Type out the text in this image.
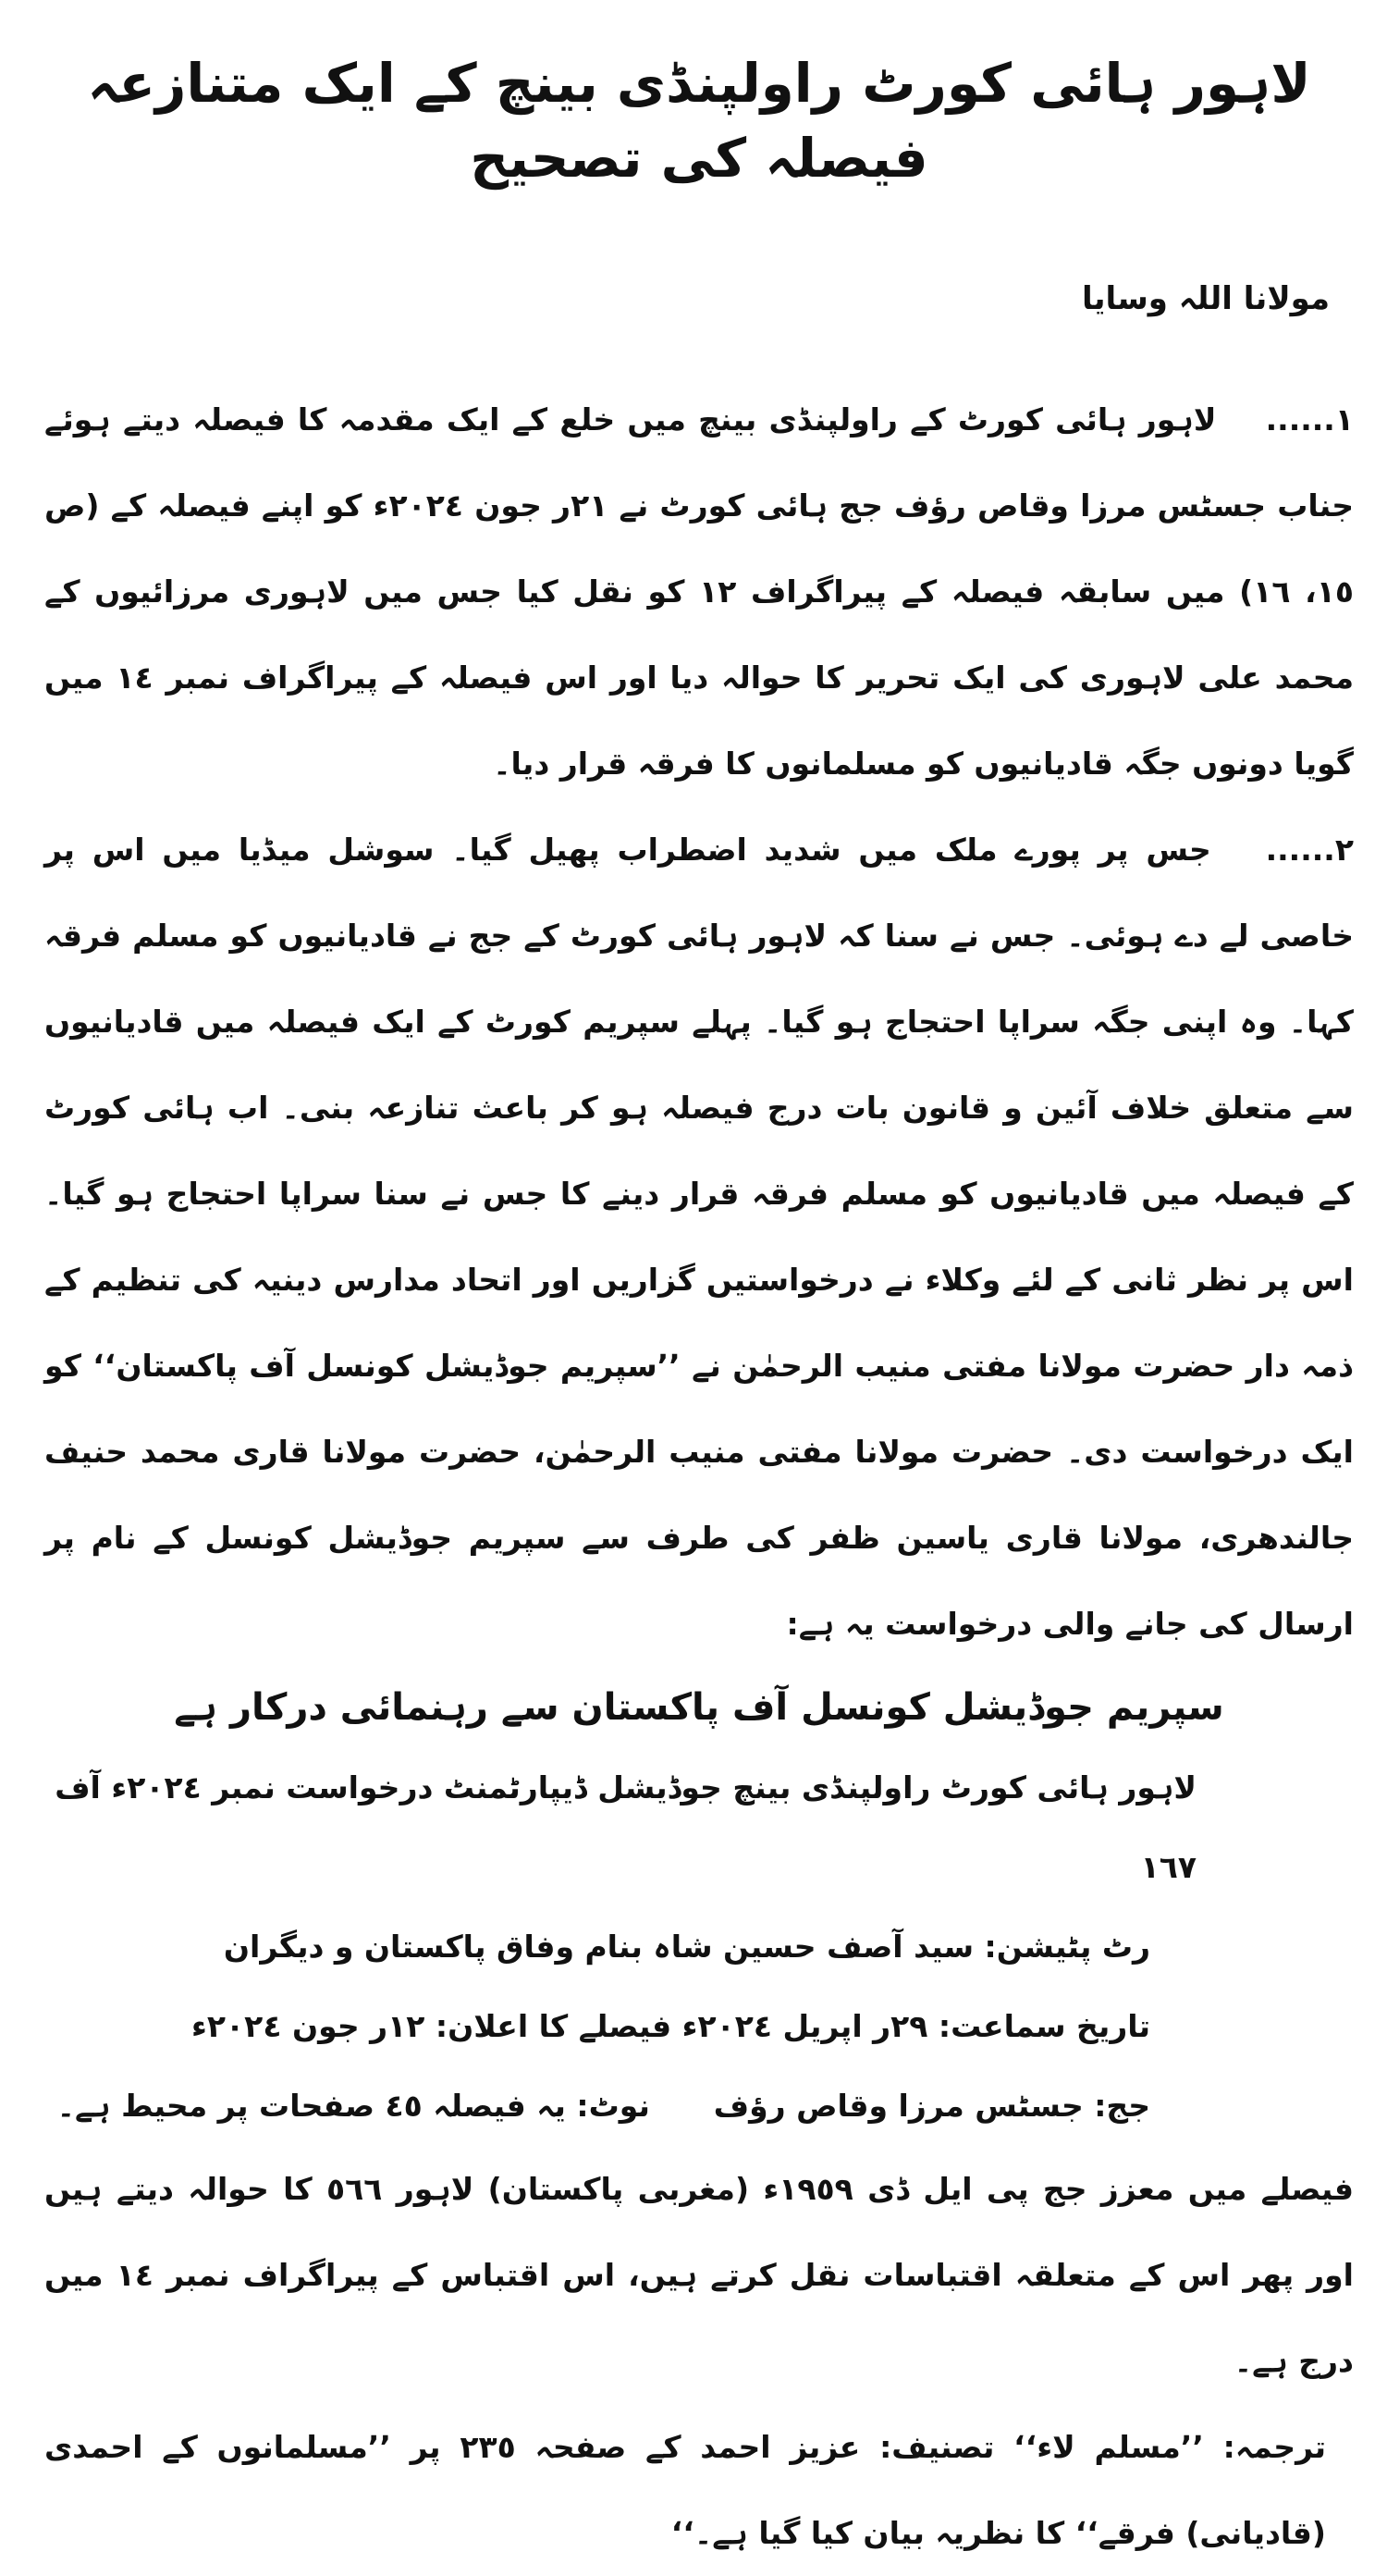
لاہور ہائی کورٹ راولپنڈی بینچ کے ایک متنازعہ فیصلہ کی تصحیح
مولانا اللہ وسایا

١...... لاہور ہائی کورٹ کے راولپنڈی بینچ میں خلع کے ایک مقدمہ کا فیصلہ دیتے ہوئے جناب جسٹس مرزا وقاص رؤف جج ہائی کورٹ نے ٢١ر جون ٢٠٢٤ء کو اپنے فیصلہ کے (ص ١٥، ١٦) میں سابقہ فیصلہ کے پیراگراف ١٢ کو نقل کیا جس میں لاہوری مرزائیوں کے محمد علی لاہوری کی ایک تحریر کا حوالہ دیا اور اس فیصلہ کے پیراگراف نمبر ١٤ میں گویا دونوں جگہ قادیانیوں کو مسلمانوں کا فرقہ قرار دیا۔

٢...... جس پر پورے ملک میں شدید اضطراب پھیل گیا۔ سوشل میڈیا میں اس پر خاصی لے دے ہوئی۔ جس نے سنا کہ لاہور ہائی کورٹ کے جج نے قادیانیوں کو مسلم فرقہ کہا۔ وہ اپنی جگہ سراپا احتجاج ہو گیا۔ پہلے سپریم کورٹ کے ایک فیصلہ میں قادیانیوں سے متعلق خلاف آئین و قانون بات درج فیصلہ ہو کر باعث تنازعہ بنی۔ اب ہائی کورٹ کے فیصلہ میں قادیانیوں کو مسلم فرقہ قرار دینے کا جس نے سنا سراپا احتجاج ہو گیا۔ اس پر نظر ثانی کے لئے وکلاء نے درخواستیں گزاریں اور اتحاد مدارس دینیہ کی تنظیم کے ذمہ دار حضرت مولانا مفتی منیب الرحمٰن نے ’’سپریم جوڈیشل کونسل آف پاکستان‘‘ کو ایک درخواست دی۔ حضرت مولانا مفتی منیب الرحمٰن، حضرت مولانا قاری محمد حنیف جالندھری، مولانا قاری یاسین ظفر کی طرف سے سپریم جوڈیشل کونسل کے نام پر ارسال کی جانے والی درخواست یہ ہے:

سپریم جوڈیشل کونسل آف پاکستان سے رہنمائی درکار ہے
لاہور ہائی کورٹ راولپنڈی بینچ جوڈیشل ڈیپارٹمنٹ درخواست نمبر ٢٠٢٤ء آف ١٦٧
رٹ پٹیشن: سید آصف حسین شاہ بنام وفاق پاکستان و دیگران
تاریخ سماعت: ٢٩ر اپریل ٢٠٢٤ء فیصلے کا اعلان: ١٢ر جون ٢٠٢٤ء
جج: جسٹس مرزا وقاص رؤف      نوٹ: یہ فیصلہ ٤٥ صفحات پر محیط ہے۔

فیصلے میں معزز جج پی ایل ڈی ١٩٥٩ء (مغربی پاکستان) لاہور ٥٦٦ کا حوالہ دیتے ہیں اور پھر اس کے متعلقہ اقتباسات نقل کرتے ہیں، اس اقتباس کے پیراگراف نمبر ١٤ میں درج ہے۔

ترجمہ: ’’مسلم لاء‘‘ تصنیف: عزیز احمد کے صفحہ ٢٣٥ پر ’’مسلمانوں کے احمدی (قادیانی) فرقے‘‘ کا نظریہ بیان کیا گیا ہے۔‘‘
